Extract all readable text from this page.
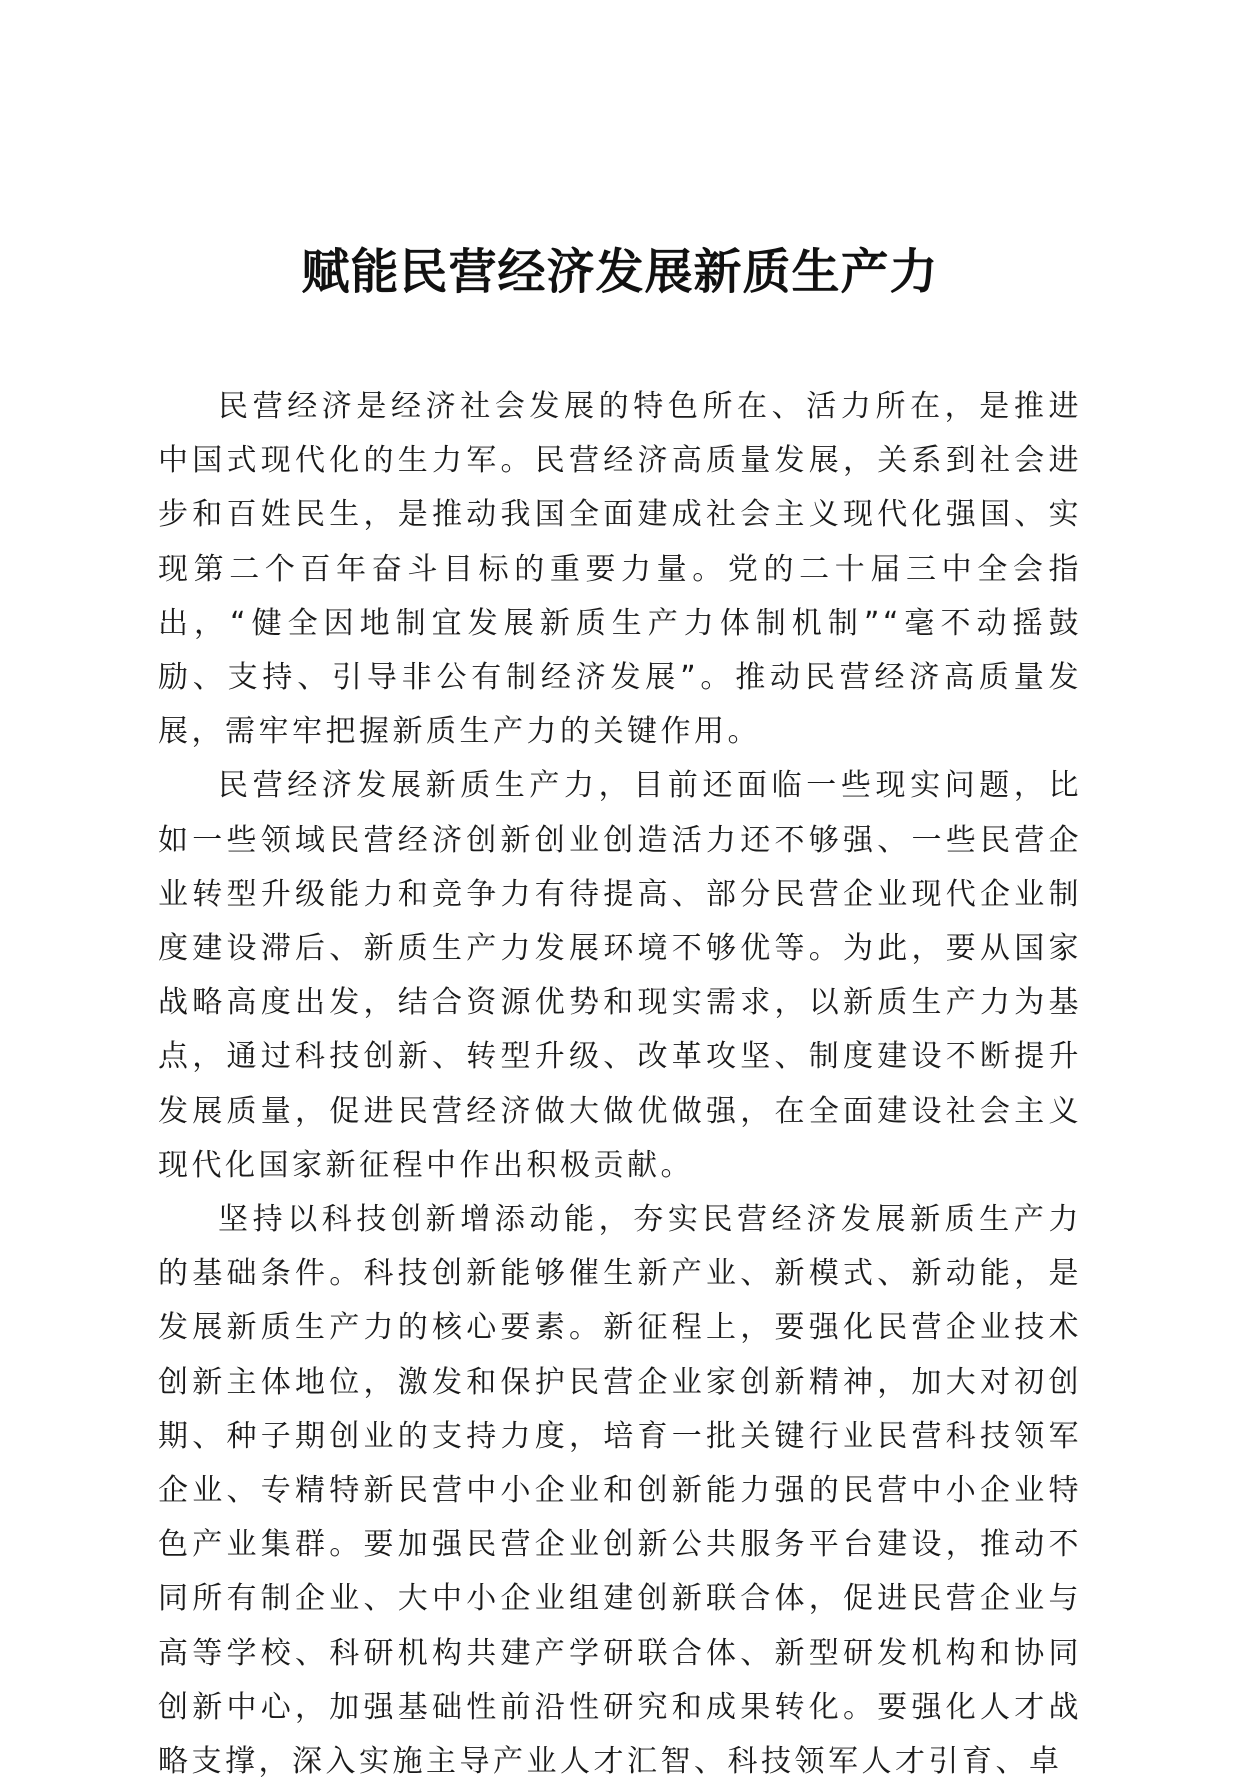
赋能民营经济发展新质生产力

民营经济是经济社会发展的特色所在、活力所在，是推进中国式现代化的生力军。民营经济高质量发展，关系到社会进步和百姓民生，是推动我国全面建成社会主义现代化强国、实现第二个百年奋斗目标的重要力量。党的二十届三中全会指出，“健全因地制宜发展新质生产力体制机制”“毫不动摇鼓励、支持、引导非公有制经济发展”。推动民营经济高质量发展，需牢牢把握新质生产力的关键作用。

民营经济发展新质生产力，目前还面临一些现实问题，比如一些领域民营经济创新创业创造活力还不够强、一些民营企业转型升级能力和竞争力有待提高、部分民营企业现代企业制度建设滞后、新质生产力发展环境不够优等。为此，要从国家战略高度出发，结合资源优势和现实需求，以新质生产力为基点，通过科技创新、转型升级、改革攻坚、制度建设不断提升发展质量，促进民营经济做大做优做强，在全面建设社会主义现代化国家新征程中作出积极贡献。

坚持以科技创新增添动能，夯实民营经济发展新质生产力的基础条件。科技创新能够催生新产业、新模式、新动能，是发展新质生产力的核心要素。新征程上，要强化民营企业技术创新主体地位，激发和保护民营企业家创新精神，加大对初创期、种子期创业的支持力度，培育一批关键行业民营科技领军企业、专精特新民营中小企业和创新能力强的民营中小企业特色产业集群。要加强民营企业创新公共服务平台建设，推动不同所有制企业、大中小企业组建创新联合体，促进民营企业与高等学校、科研机构共建产学研联合体、新型研发机构和协同创新中心，加强基础性前沿性研究和成果转化。要强化人才战略支撑，深入实施主导产业人才汇智、科技领军人才引育、卓
